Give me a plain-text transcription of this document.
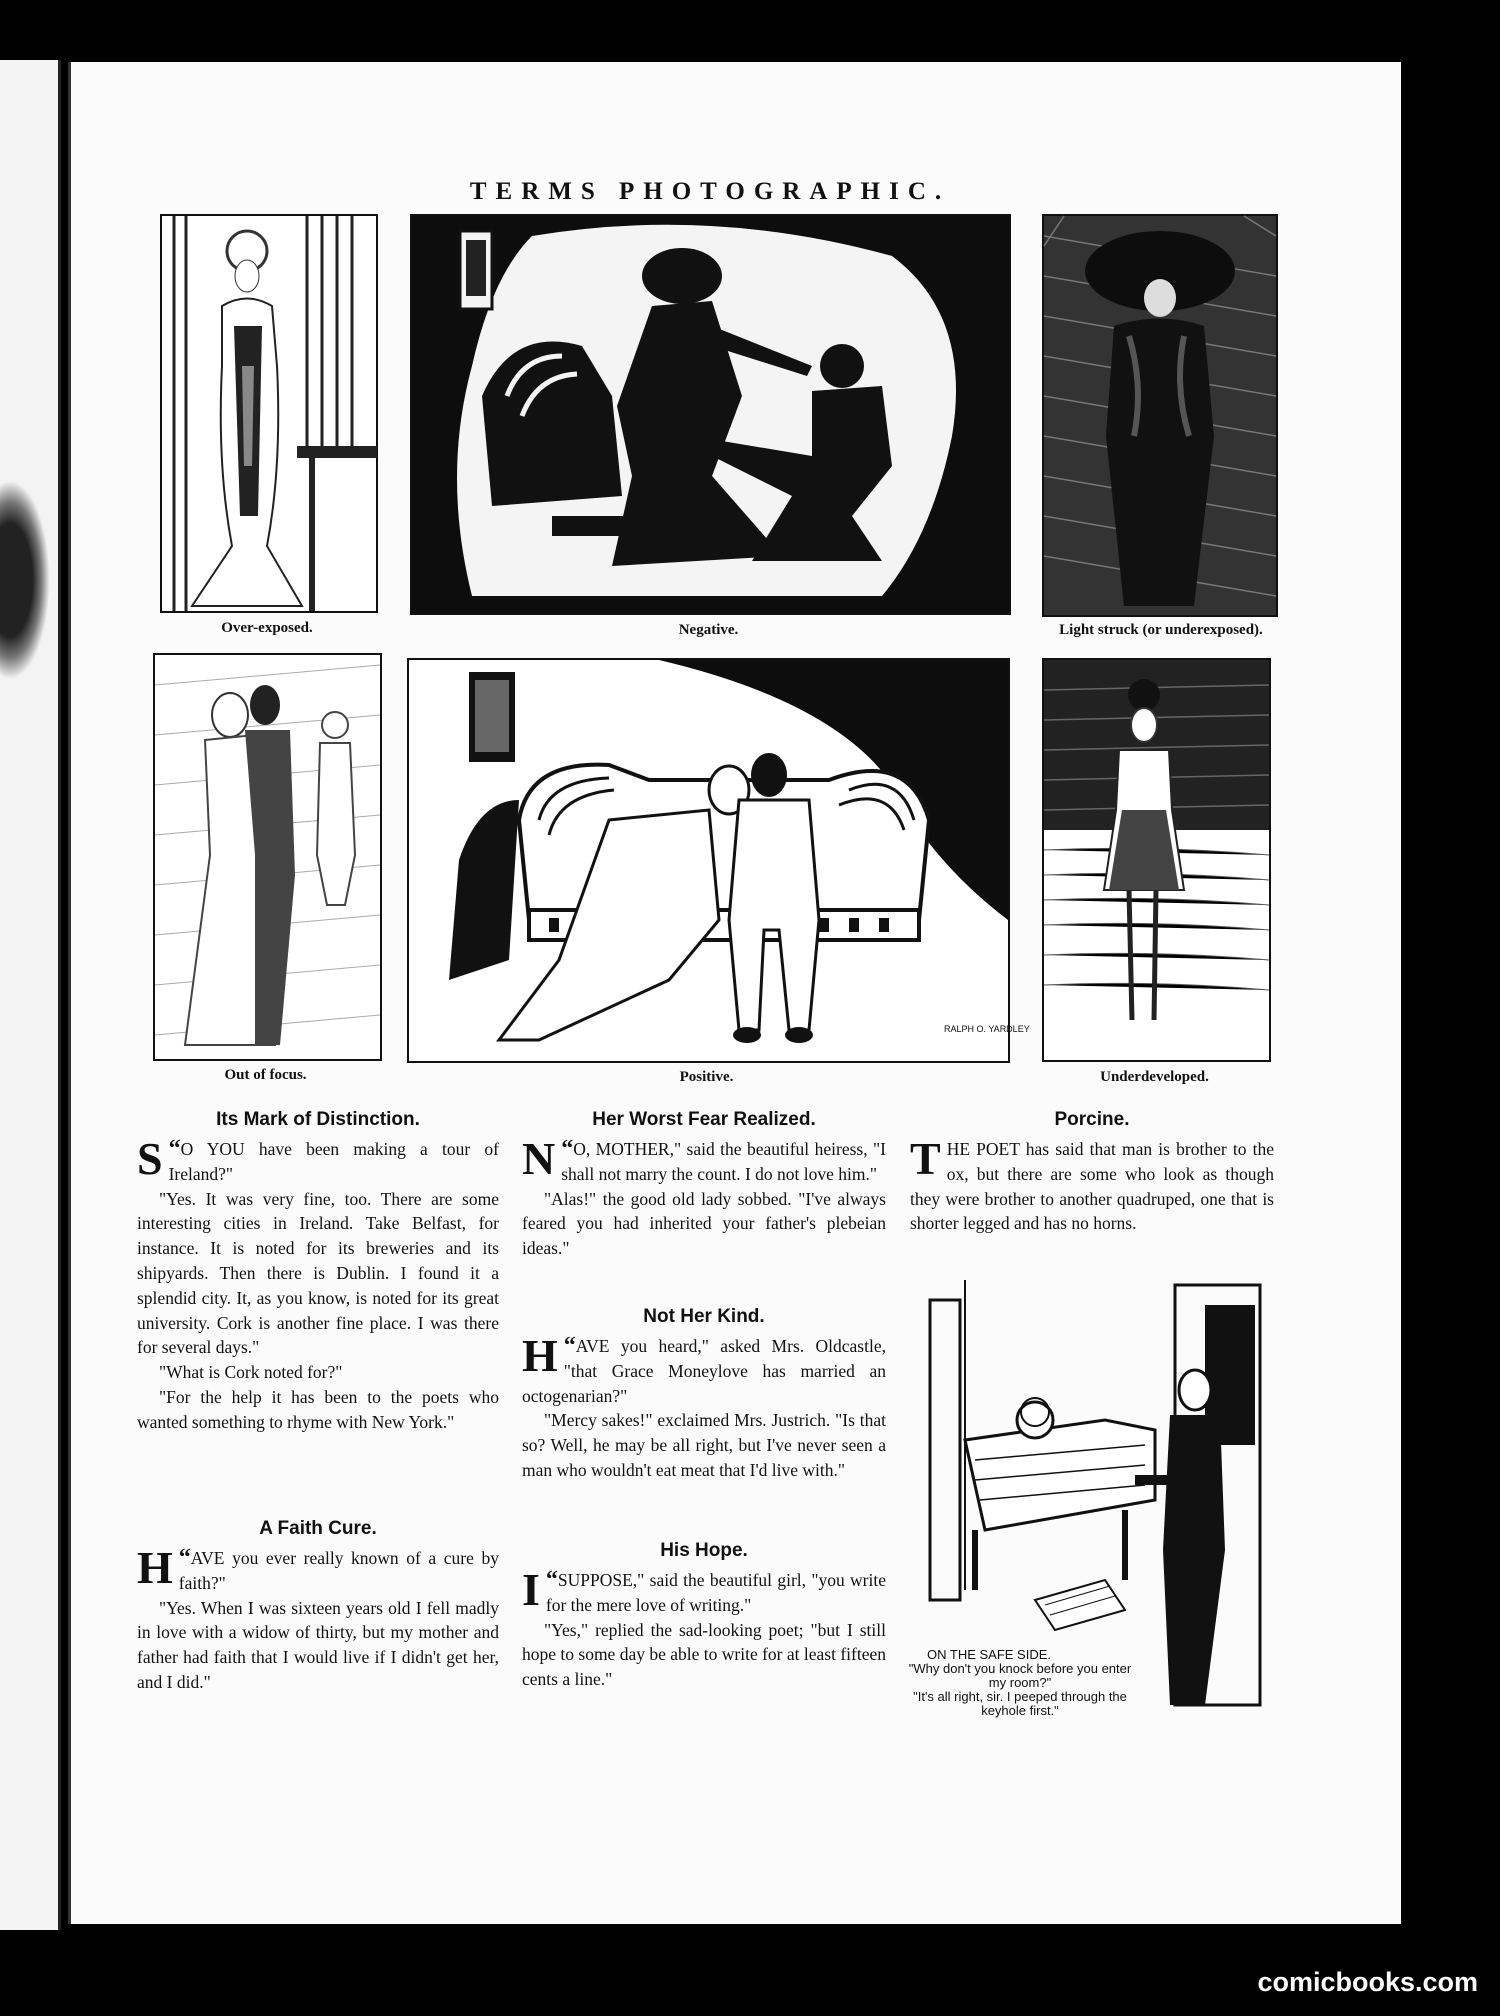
TERMS PHOTOGRAPHIC.
Over-exposed.	Negative.	Light struck (or underexposed).
Out of focus.
RALPH O. YARDLEY
Positive.	Underdeveloped.
Its Mark of Distinction.
“
S O YOU have been making a tour of Ireland?"

"Yes. It was very fine, too. There are some interesting cities in Ireland. Take Belfast, for instance. It is noted for its breweries and its shipyards. Then there is Dublin. I found it a splendid city. It, as you know, is noted for its great university. Cork is another fine place. I was there for several days."

"What is Cork noted for?"

"For the help it has been to the poets who wanted something to rhyme with New York."

A Faith Cure.
“
H AVE you ever really known of a cure by faith?"

"Yes. When I was sixteen years old I fell madly in love with a widow of thirty, but my mother and father had faith that I would live if I didn't get her, and I did."

Her Worst Fear Realized.
“
N O, MOTHER," said the beautiful heiress, "I shall not marry the count. I do not love him."

"Alas!" the good old lady sobbed. "I've always feared you had inherited your father's plebeian ideas."

Not Her Kind.
“
H AVE you heard," asked Mrs. Oldcastle, "that Grace Moneylove has married an octogenarian?"

"Mercy sakes!" exclaimed Mrs. Justrich. "Is that so? Well, he may be all right, but I've never seen a man who wouldn't eat meat that I'd live with."

His Hope.
“
I SUPPOSE," said the beautiful girl, "you write for the mere love of writing."

"Yes," replied the sad-looking poet; "but I still hope to some day be able to write for at least fifteen cents a line."

Porcine.
THE POET has said that man is brother to the ox, but there are some who look as though they were brother to another quadruped, one that is shorter legged and has no horns.
ON THE SAFE SIDE.
"Why don't you knock before you enter my room?"
"It's all right, sir. I peeped through the keyhole first."
comicbooks.com
